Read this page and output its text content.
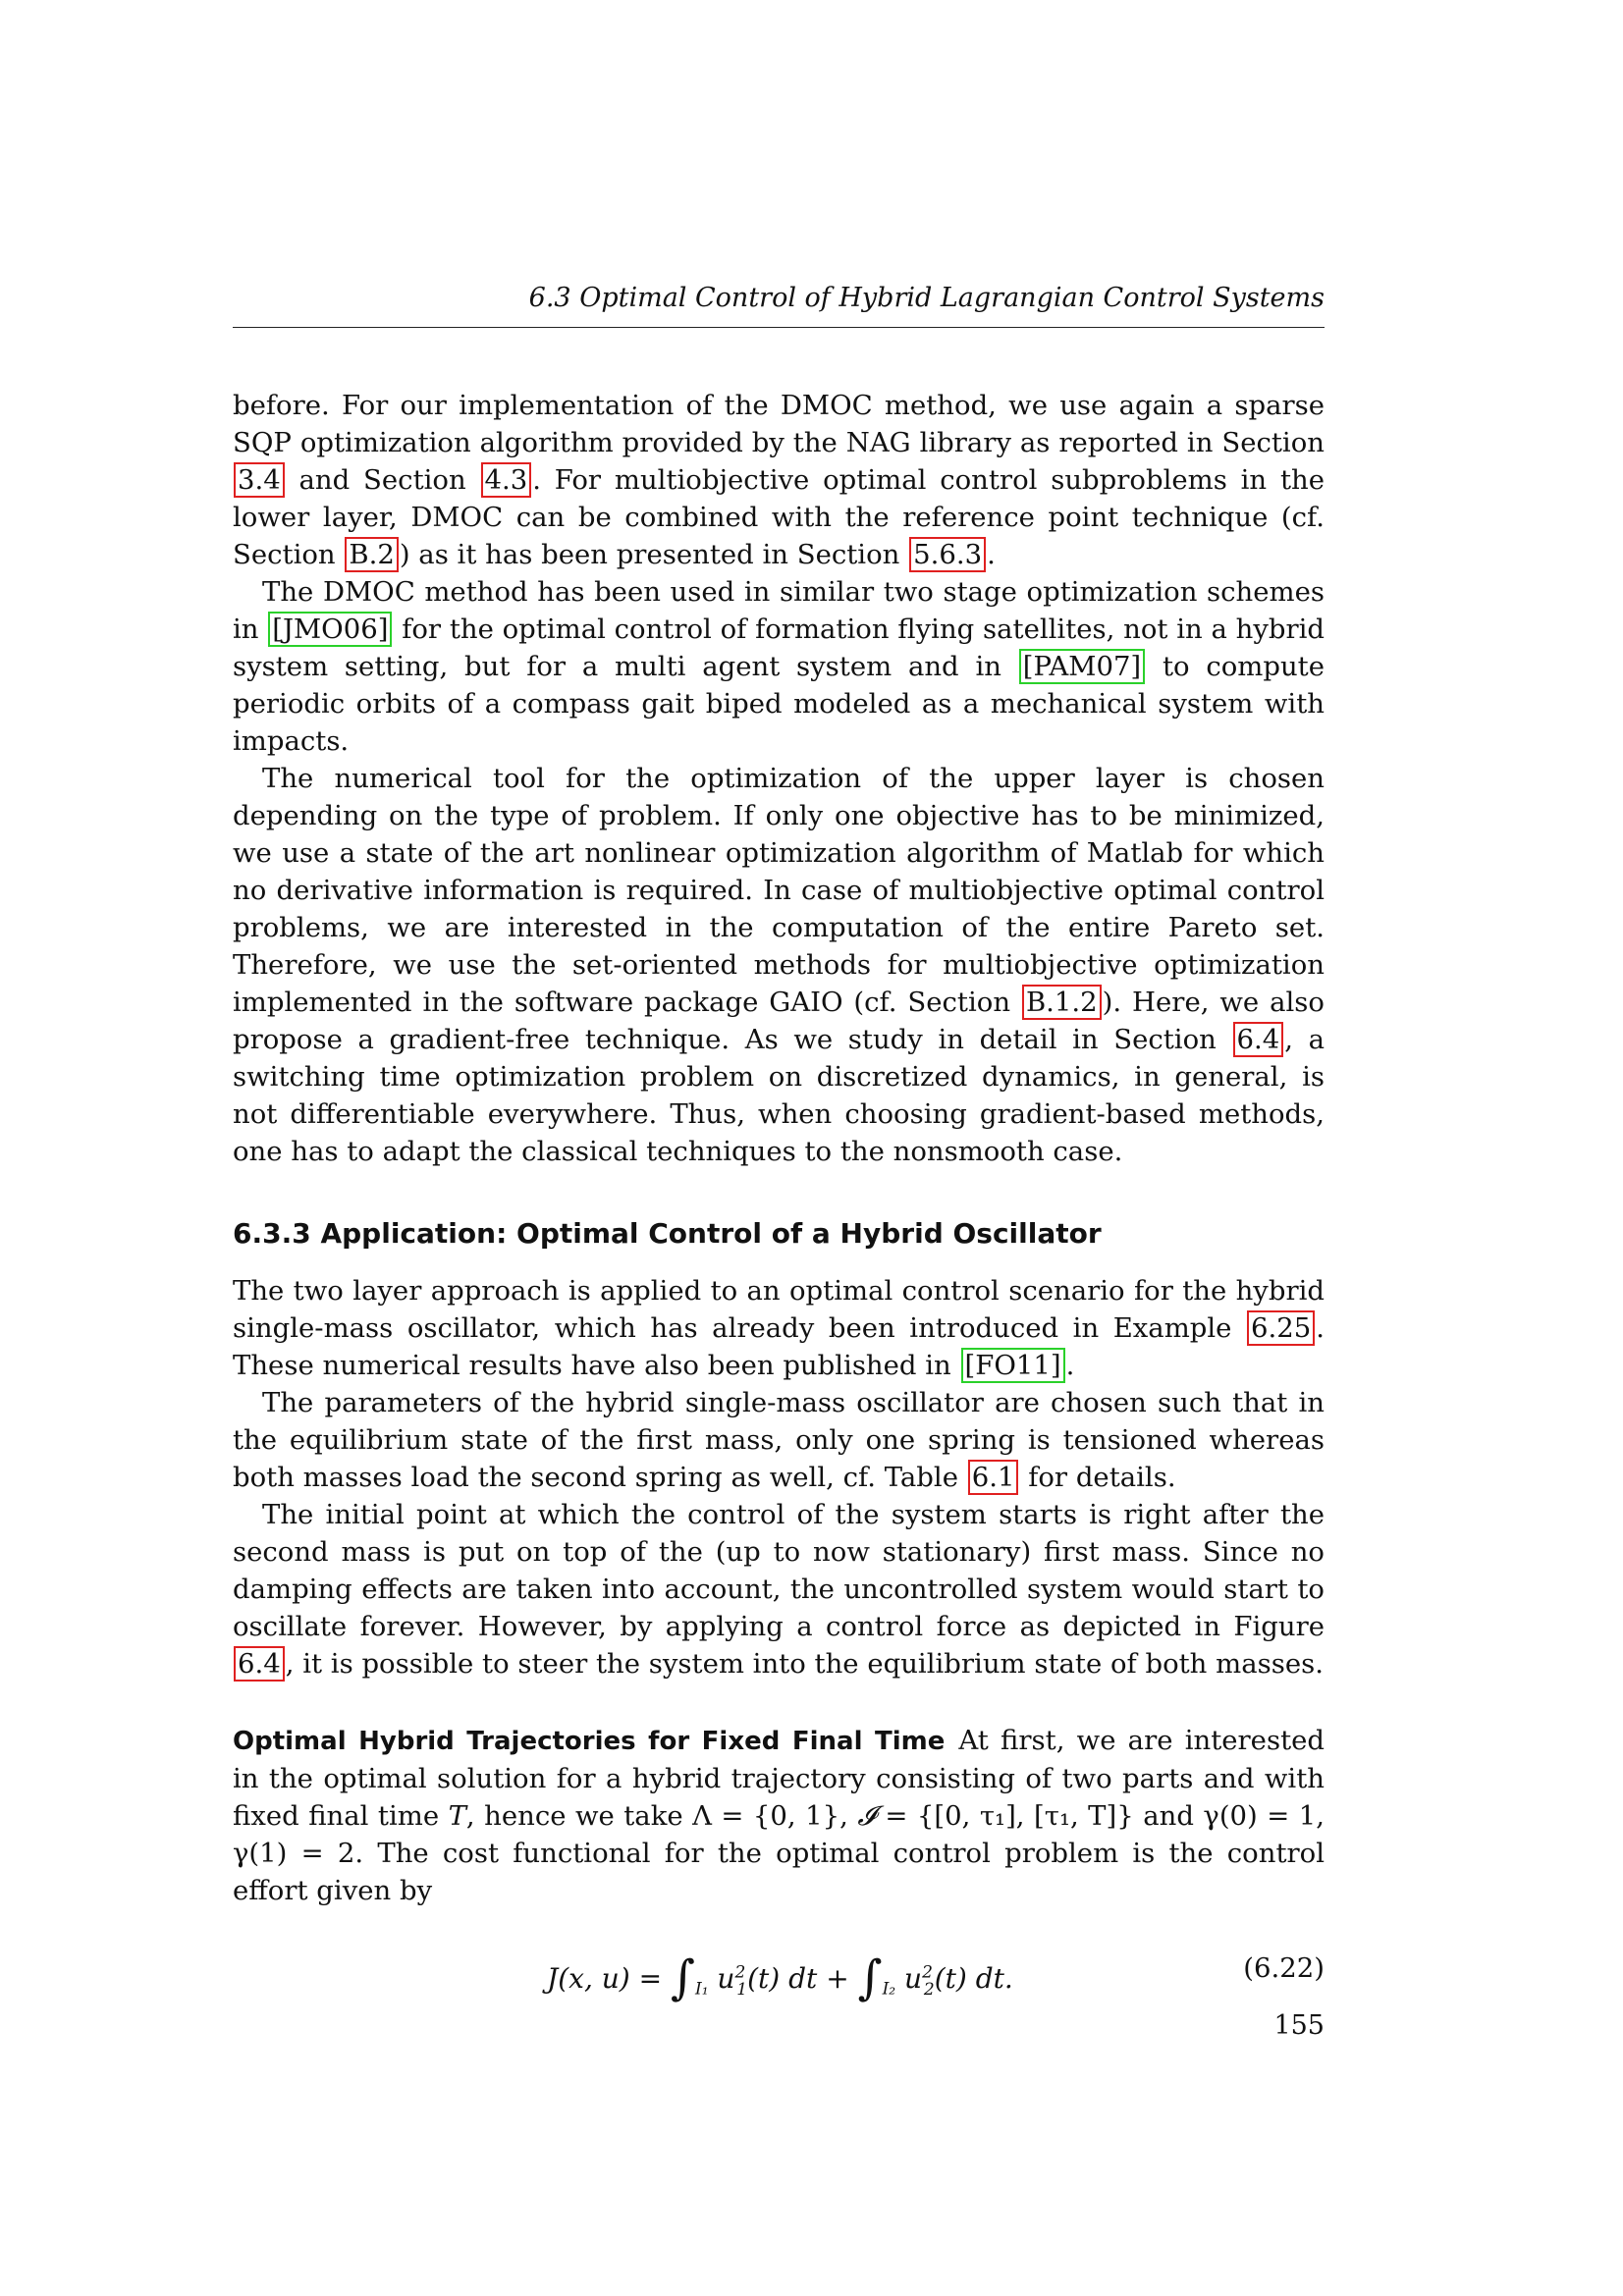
6.3 Optimal Control of Hybrid Lagrangian Control Systems

before. For our implementation of the DMOC method, we use again a sparse SQP optimization algorithm provided by the NAG library as reported in Section 3.4 and Section 4.3 . For multiobjective optimal control subproblems in the lower layer, DMOC can be combined with the reference point technique (cf. Section B.2 ) as it has been presented in Section 5.6.3 .

The DMOC method has been used in similar two stage optimization schemes in [JMO06] for the optimal control of formation flying satellites, not in a hybrid system setting, but for a multi agent system and in [PAM07] to compute periodic orbits of a compass gait biped modeled as a mechanical system with impacts.

The numerical tool for the optimization of the upper layer is chosen depending on the type of problem. If only one objective has to be minimized, we use a state of the art nonlinear optimization algorithm of Matlab for which no derivative information is required. In case of multiobjective optimal control problems, we are interested in the computation of the entire Pareto set. Therefore, we use the set-oriented methods for multiobjective optimization implemented in the software package GAIO (cf. Section B.1.2 ). Here, we also propose a gradient-free technique. As we study in detail in Section 6.4 , a switching time optimization problem on discretized dynamics, in general, is not differentiable everywhere. Thus, when choosing gradient-based methods, one has to adapt the classical techniques to the nonsmooth case.

6.3.3 Application: Optimal Control of a Hybrid Oscillator

The two layer approach is applied to an optimal control scenario for the hybrid single-mass oscillator, which has already been introduced in Example 6.25 . These numerical results have also been published in [FO11] .

The parameters of the hybrid single-mass oscillator are chosen such that in the equilibrium state of the first mass, only one spring is tensioned whereas both masses load the second spring as well, cf. Table 6.1 for details.

The initial point at which the control of the system starts is right after the second mass is put on top of the (up to now stationary) first mass. Since no damping effects are taken into account, the uncontrolled system would start to oscillate forever. However, by applying a control force as depicted in Figure 6.4 , it is possible to steer the system into the equilibrium state of both masses.

Optimal Hybrid Trajectories for Fixed Final Time At first, we are interested in the optimal solution for a hybrid trajectory consisting of two parts and with fixed final time T, hence we take Λ = {0, 1}, 𝓘 = {[0, τ₁], [τ₁, T]} and γ(0) = 1, γ(1) = 2. The cost functional for the optimal control problem is the control effort given by

J(x, $u) = \int_{I_1}$ $u^2_1(t)$ dt + $\int_{I_2}$ $u^2_2(t)$ dt.	(6.22)
155
